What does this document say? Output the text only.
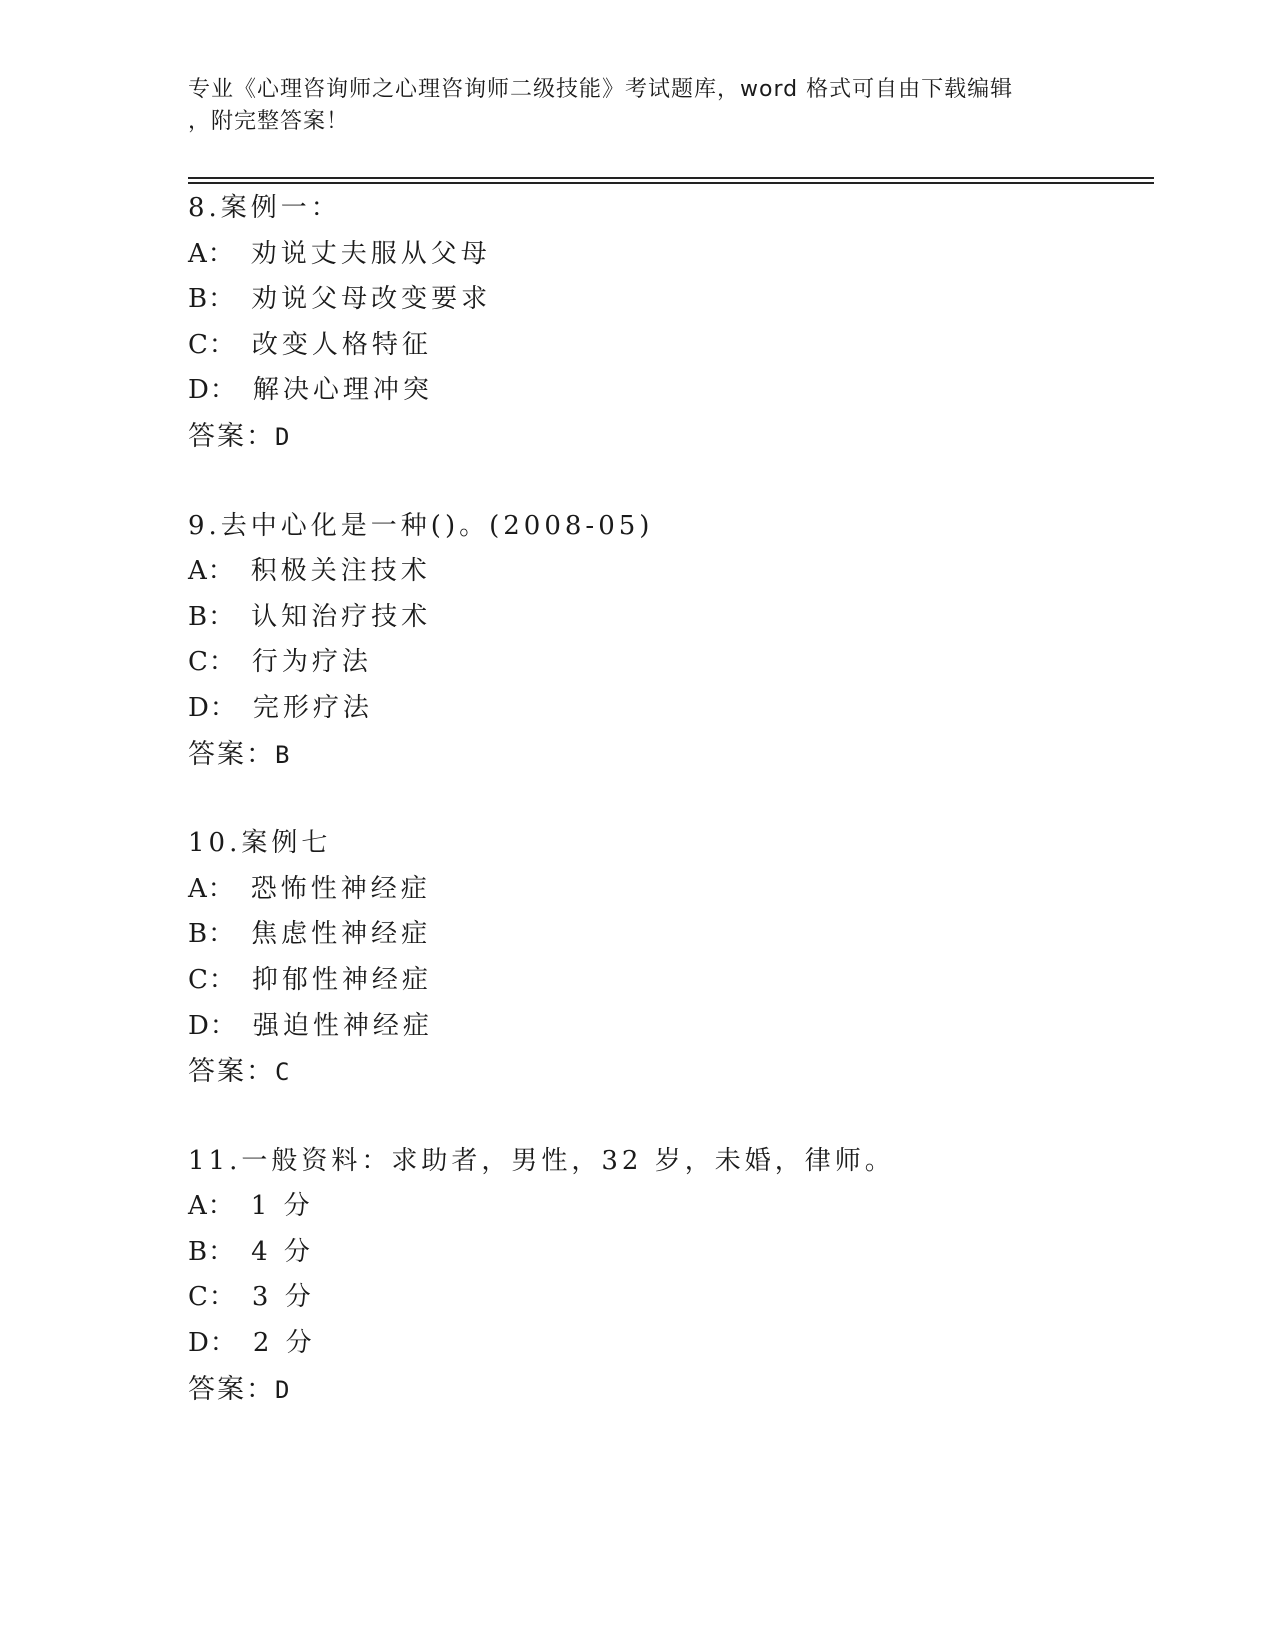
专业《心理咨询师之心理咨询师二级技能》考试题库，word 格式可自由下载编辑
，附完整答案！
8.案例一：
A： 劝说丈夫服从父母
B： 劝说父母改变要求
C： 改变人格特征
D： 解决心理冲突
答案：D
9.去中心化是一种()。(2008-05)
A： 积极关注技术
B： 认知治疗技术
C： 行为疗法
D： 完形疗法
答案：B
10.案例七
A： 恐怖性神经症
B： 焦虑性神经症
C： 抑郁性神经症
D： 强迫性神经症
答案：C
11.一般资料：求助者，男性，32 岁，未婚，律师。
A： 1 分
B： 4 分
C： 3 分
D： 2 分
答案：D
